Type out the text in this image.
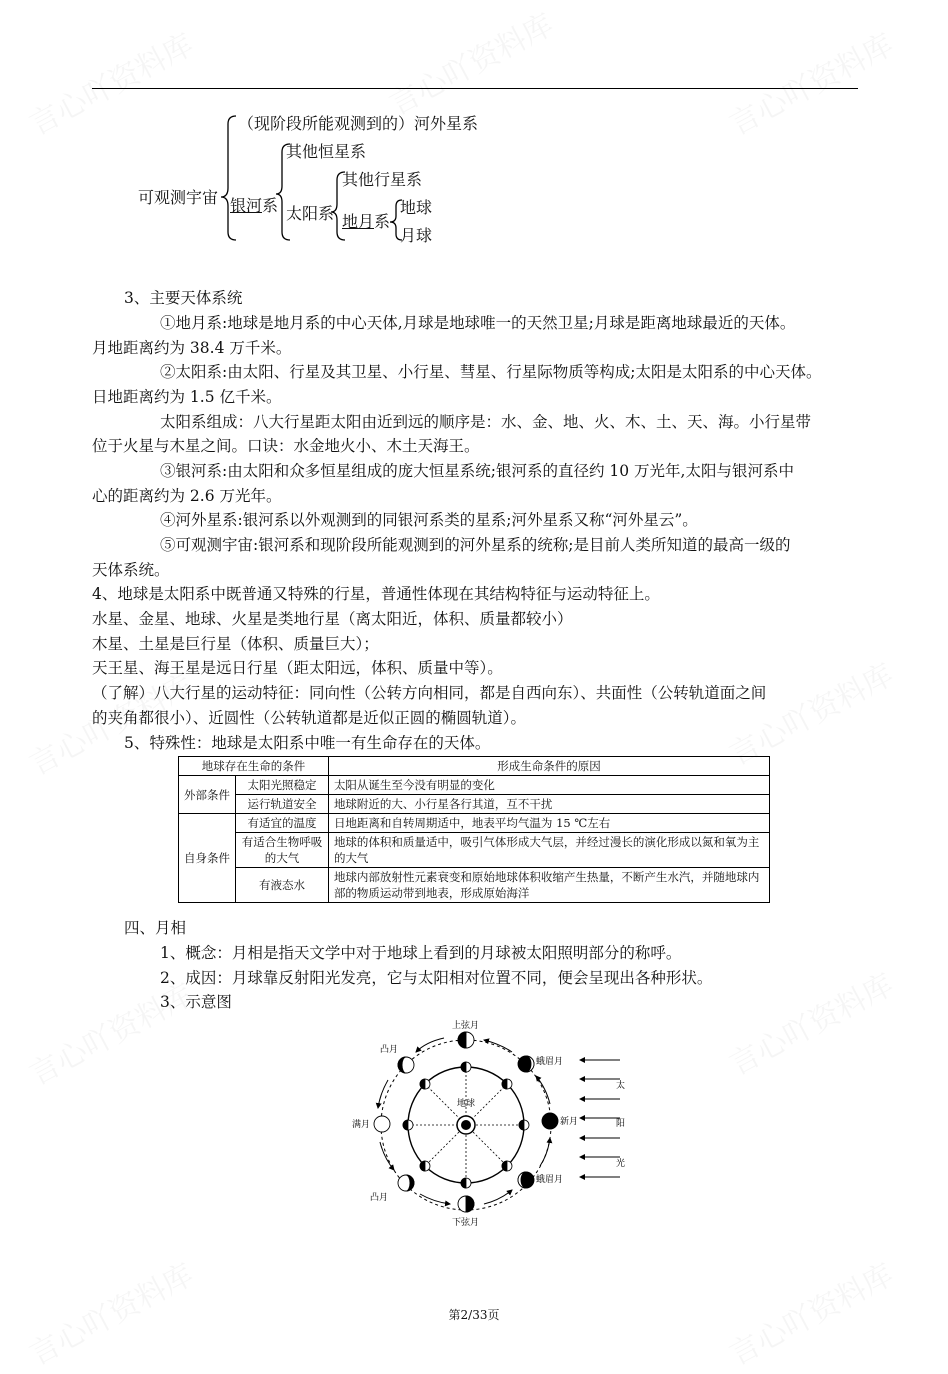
可观测宇宙
（现阶段所能观测到的）河外星系
银河系
其他恒星系
太阳系
其他行星系
地月系
地球
月球
3、主要天体系统
①地月系:地球是地月系的中心天体,月球是地球唯一的天然卫星;月球是距离地球最近的天体。
月地距离约为 38.4 万千米。
②太阳系:由太阳、行星及其卫星、小行星、彗星、行星际物质等构成;太阳是太阳系的中心天体。
日地距离约为 1.5 亿千米。
太阳系组成：八大行星距太阳由近到远的顺序是：水、金、地、火、木、土、天、海。小行星带
位于火星与木星之间。口诀：水金地火小、木土天海王。
③银河系:由太阳和众多恒星组成的庞大恒星系统;银河系的直径约 10 万光年,太阳与银河系中
心的距离约为 2.6 万光年。
④河外星系:银河系以外观测到的同银河系类的星系;河外星系又称“河外星云”。
⑤可观测宇宙:银河系和现阶段所能观测到的河外星系的统称;是目前人类所知道的最高一级的
天体系统。
4、地球是太阳系中既普通又特殊的行星，普通性体现在其结构特征与运动特征上。
水星、金星、地球、火星是类地行星（离太阳近，体积、质量都较小）
木星、土星是巨行星（体积、质量巨大）；
天王星、海王星是远日行星（距太阳远，体积、质量中等）。
（了解）八大行星的运动特征：同向性（公转方向相同，都是自西向东）、共面性（公转轨道面之间
的夹角都很小）、近圆性（公转轨道都是近似正圆的椭圆轨道）。
5、特殊性：地球是太阳系中唯一有生命存在的天体。
地球存在生命的条件		形成生命条件的原因
外部条件	太阳光照稳定	太阳从诞生至今没有明显的变化
	运行轨道安全	地球附近的大、小行星各行其道，互不干扰
自身条件	有适宜的温度	日地距离和自转周期适中，地表平均气温为 15 ℃左右
	有适合生物呼吸的大气	地球的体积和质量适中，吸引气体形成大气层，并经过漫长的演化形成以氮和氧为主的大气
	有液态水	地球内部放射性元素衰变和原始地球体积收缩产生热量，不断产生水汽，并随地球内部的物质运动带到地表，形成原始海洋
四、月相
1、概念：月相是指天文学中对于地球上看到的月球被太阳照明部分的称呼。
2、成因：月球靠反射阳光发亮，它与太阳相对位置不同，便会呈现出各种形状。
3、示意图
地球
上弦月
蛾眉月
新月
蛾眉月
下弦月
凸月
满月
凸月
太
阳
光
第2/33页
